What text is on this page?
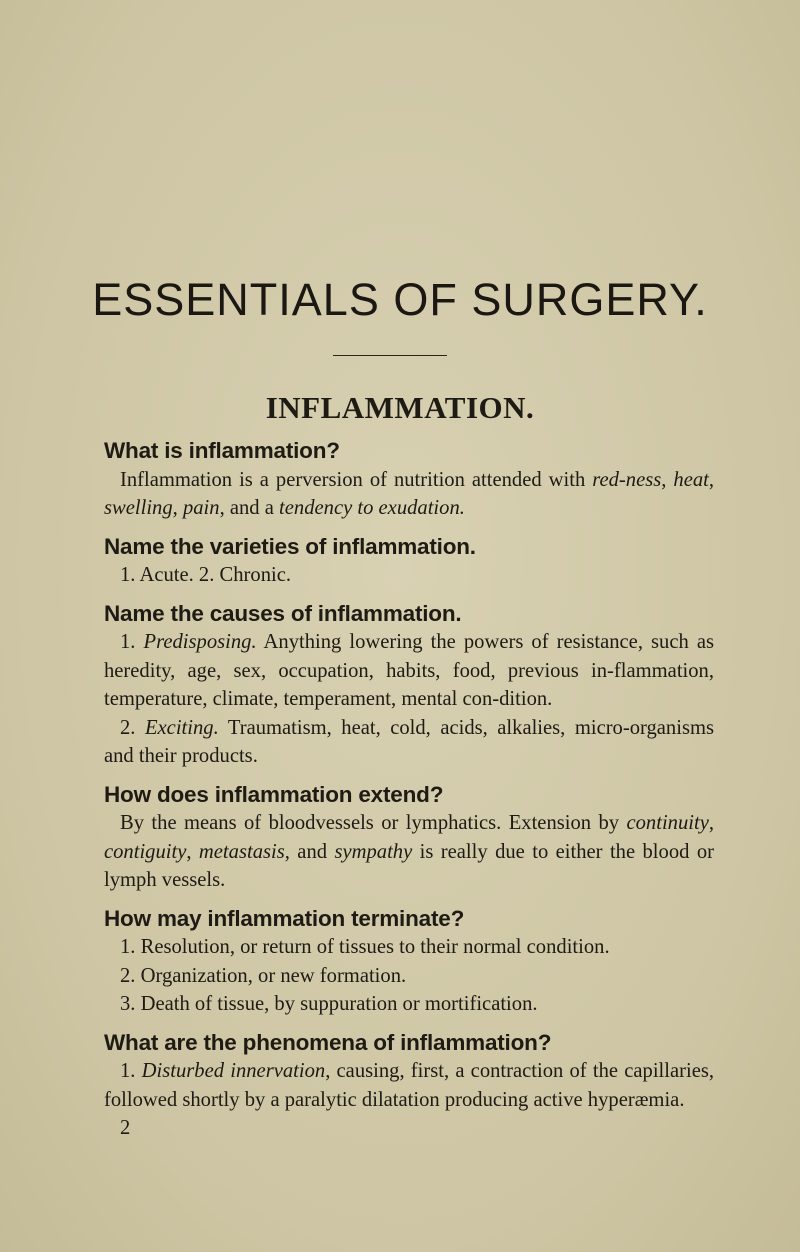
ESSENTIALS OF SURGERY.
INFLAMMATION.
What is inflammation?
Inflammation is a perversion of nutrition attended with red-ness, heat, swelling, pain, and a tendency to exudation.
Name the varieties of inflammation.
1. Acute. 2. Chronic.
Name the causes of inflammation.
1. Predisposing. Anything lowering the powers of resistance, such as heredity, age, sex, occupation, habits, food, previous in-flammation, temperature, climate, temperament, mental con-dition.
2. Exciting. Traumatism, heat, cold, acids, alkalies, micro-organisms and their products.
How does inflammation extend?
By the means of bloodvessels or lymphatics. Extension by continuity, contiguity, metastasis, and sympathy is really due to either the blood or lymph vessels.
How may inflammation terminate?
1. Resolution, or return of tissues to their normal condition.
2. Organization, or new formation.
3. Death of tissue, by suppuration or mortification.
What are the phenomena of inflammation?
1. Disturbed innervation, causing, first, a contraction of the capillaries, followed shortly by a paralytic dilatation producing active hyperæmia.
2
